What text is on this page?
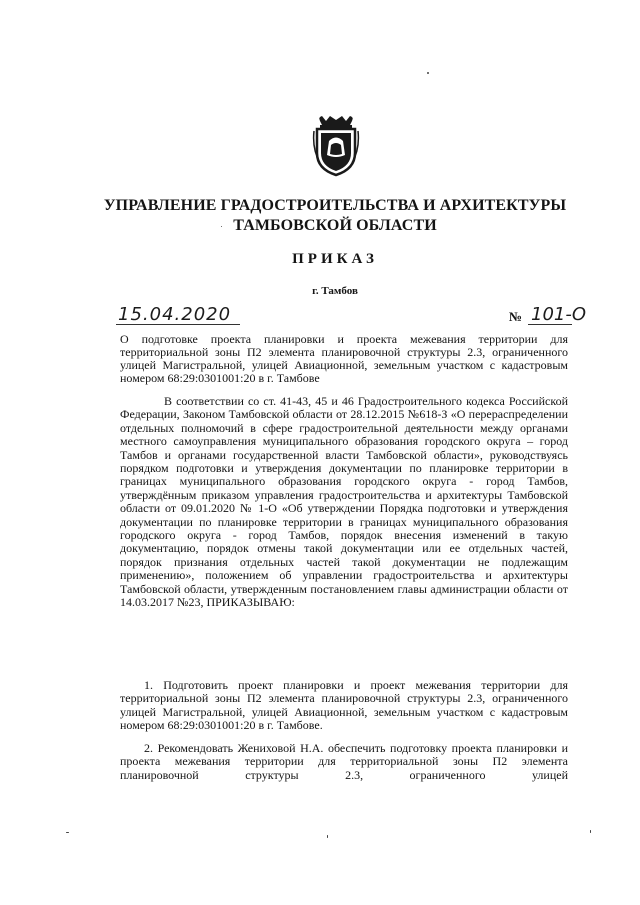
УПРАВЛЕНИЕ ГРАДОСТРОИТЕЛЬСТВА И АРХИТЕКТУРЫ
ТАМБОВСКОЙ ОБЛАСТИ
ПРИКАЗ
г. Тамбов
15.04.2020	№ 101-О
О подготовке проекта планировки и проекта межевания территории для территориальной зоны П2 элемента планировочной структуры 2.3, ограниченного улицей Магистральной, улицей Авиационной, земельным участком с кадастровым номером 68:29:0301001:20 в г. Тамбове
В соответствии со ст. 41-43, 45 и 46 Градостроительного кодекса Российской Федерации, Законом Тамбовской области от 28.12.2015 №618-З «О перераспределении отдельных полномочий в сфере градостроительной деятельности между органами местного самоуправления муниципального образования городского округа – город Тамбов и органами государственной власти Тамбовской области», руководствуясь порядком подготовки и утверждения документации по планировке территории в границах муниципального образования городского округа - город Тамбов, утверждённым приказом управления градостроительства и архитектуры Тамбовской области от 09.01.2020 № 1-О «Об утверждении Порядка подготовки и утверждения документации по планировке территории в границах муниципального образования городского округа - город Тамбов, порядок внесения изменений в такую документацию, порядок отмены такой документации или ее отдельных частей, порядок признания отдельных частей такой документации не подлежащим применению», положением об управлении градостроительства и архитектуры Тамбовской области, утвержденным постановлением главы администрации области от 14.03.2017 №23, ПРИКАЗЫВАЮ:
1. Подготовить проект планировки и проект межевания территории для территориальной зоны П2 элемента планировочной структуры 2.3, ограниченного улицей Магистральной, улицей Авиационной, земельным участком с кадастровым номером 68:29:0301001:20 в г. Тамбове.
2. Рекомендовать Жениховой Н.А. обеспечить подготовку проекта планировки и проекта межевания территории для территориальной зоны П2 элемента планировочной структуры 2.3, ограниченного улицей
